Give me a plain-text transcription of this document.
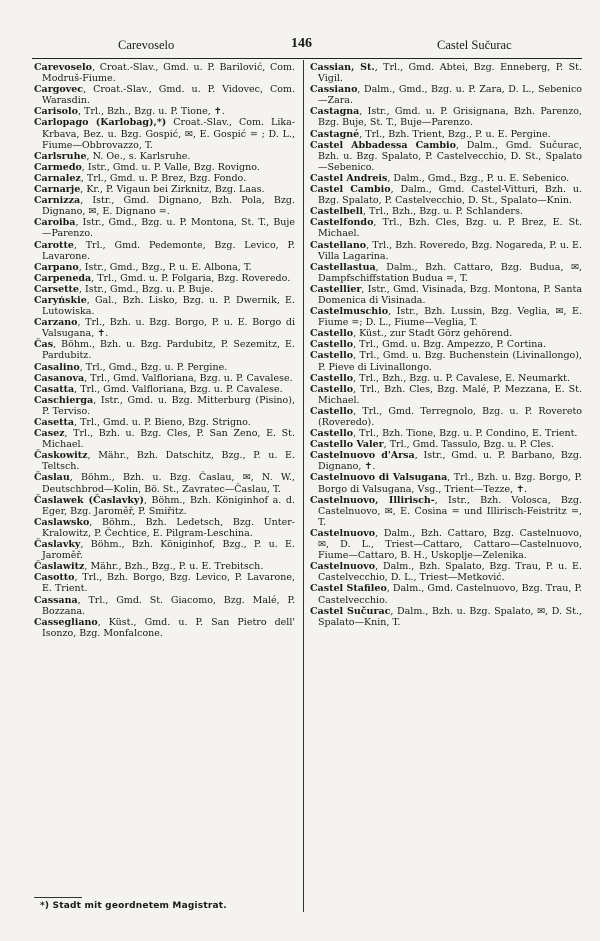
Carevoselo	146	Castel Sučurac
Carevoselo, Croat.-Slav., Gmd. u. P. Barilović, Com. Modruš-Fiume.
Cargovec, Croat.-Slav., Gmd. u. P. Vidovec, Com. Warasdin.
Carisolo, Trl., Bzh., Bzg. u. P. Tione, ✝.
Carlopago (Karlobag),*) Croat.-Slav., Com. Lika-Krbava, Bez. u. Bzg. Gospić, ✉, E. Gospić = ; D. L., Fiume—Obbrovazzo, T.
Carlsruhe, N. Oe., s. Karlsruhe.
Carmedo, Istr., Gmd. u. P. Valle, Bzg. Rovigno.
Carnalez, Trl., Gmd. u. P. Brez, Bzg. Fondo.
Carnarje, Kr., P. Vigaun bei Zirknitz, Bzg. Laas.
Carnizza, Istr., Gmd. Dignano, Bzh. Pola, Bzg. Dignano, ✉, E. Dignano =.
Caroiba, Istr., Gmd., Bzg. u. P. Montona, St. T., Buje—Parenzo.
Carotte, Trl., Gmd. Pedemonte, Bzg. Levico, P. Lavarone.
Carpano, Istr., Gmd., Bzg., P. u. E. Albona, T.
Carpeneda, Trl., Gmd. u. P. Folgaria, Bzg. Roveredo.
Carsette, Istr., Gmd., Bzg. u. P. Buje.
Caryńskie, Gal., Bzh. Lisko, Bzg. u. P. Dwernik, E. Lutowiska.
Carzano, Trl., Bzh. u. Bzg. Borgo, P. u. E. Borgo di Valsugana, ✝.
Čas, Böhm., Bzh. u. Bzg. Pardubitz, P. Sezemitz, E. Pardubitz.
Casalino, Trl., Gmd., Bzg. u. P. Pergine.
Casanova, Trl., Gmd. Valfloriana, Bzg. u. P. Cavalese.
Casatta, Trl., Gmd. Valfloriana, Bzg. u. P. Cavalese.
Caschierga, Istr., Gmd. u. Bzg. Mitterburg (Pisino), P. Terviso.
Casetta, Trl., Gmd. u. P. Bieno, Bzg. Strigno.
Casez, Trl., Bzh. u. Bzg. Cles, P. San Zeno, E. St. Michael.
Časkowitz, Mähr., Bzh. Datschitz, Bzg., P. u. E. Teltsch.
Časlau, Böhm., Bzh. u. Bzg. Časlau, ✉, N. W., Deutschbrod—Kolin, Bö. St., Zavratec—Časlau, T.
Časlawek (Časlavky), Böhm., Bzh. Königinhof a. d. Eger, Bzg. Jaroměř, P. Smiřitz.
Caslawsko, Böhm., Bzh. Ledetsch, Bzg. Unter-Kralowitz, P. Čechtice, E. Pilgram-Leschina.
Časlavky, Böhm., Bzh. Königinhof, Bzg., P. u. E. Jaroměř.
Časlawitz, Mähr., Bzh., Bzg., P. u. E. Trebitsch.
Casotto, Trl., Bzh. Borgo, Bzg. Levico, P. Lavarone, E. Trient.
Cassana, Trl., Gmd. St. Giacomo, Bzg. Malé, P. Bozzana.
Cassegliano, Küst., Gmd. u. P. San Pietro dell' Isonzo, Bzg. Monfalcone.
Cassian, St., Trl., Gmd. Abtei, Bzg. Enneberg, P. St. Vigil.
Cassiano, Dalm., Gmd., Bzg. u. P. Zara, D. L., Sebenico—Zara.
Castagna, Istr., Gmd. u. P. Grisignana, Bzh. Parenzo, Bzg. Buje, St. T., Buje—Parenzo.
Castagné, Trl., Bzh. Trient, Bzg., P. u. E. Pergine.
Castel Abbadessa Cambio, Dalm., Gmd. Sučurac, Bzh. u. Bzg. Spalato, P. Castelvecchio, D. St., Spalato—Sebenico.
Castel Andreis, Dalm., Gmd., Bzg., P. u. E. Sebenico.
Castel Cambio, Dalm., Gmd. Castel-Vitturi, Bzh. u. Bzg. Spalato, P. Castelvecchio, D. St., Spalato—Knin.
Castelbell, Trl., Bzh., Bzg. u. P. Schlanders.
Castelfondo, Trl., Bzh. Cles, Bzg. u. P. Brez, E. St. Michael.
Castellano, Trl., Bzh. Roveredo, Bzg. Nogareda, P. u. E. Villa Lagarina.
Castellastua, Dalm., Bzh. Cattaro, Bzg. Budua, ✉, Dampfschiffstation Budua =, T.
Castellier, Istr., Gmd. Visinada, Bzg. Montona, P. Santa Domenica di Visinada.
Castelmuschio, Istr., Bzh. Lussin, Bzg. Veglia, ✉, E. Fiume =; D. L., Fiume—Veglia, T.
Castello, Küst., zur Stadt Görz gehörend.
Castello, Trl., Gmd. u. Bzg. Ampezzo, P. Cortina.
Castello, Trl., Gmd. u. Bzg. Buchenstein (Livinallongo), P. Pieve di Livinallongo.
Castello, Trl., Bzh., Bzg. u. P. Cavalese, E. Neumarkt.
Castello, Trl., Bzh. Cles, Bzg. Malé, P. Mezzana, E. St. Michael.
Castello, Trl., Gmd. Terregnolo, Bzg. u. P. Rovereto (Roveredo).
Castello, Trl., Bzh. Tione, Bzg. u. P. Condino, E. Trient.
Castello Valer, Trl., Gmd. Tassulo, Bzg. u. P. Cles.
Castelnuovo d'Arsa, Istr., Gmd. u. P. Barbano, Bzg. Dignano, ✝.
Castelnuovo di Valsugana, Trl., Bzh. u. Bzg. Borgo, P. Borgo di Valsugana, Vsg., Trient—Tezze, ✝.
Castelnuovo, Illirisch-, Istr., Bzh. Volosca, Bzg. Castelnuovo, ✉, E. Cosina = und Illirisch-Feistritz =, T.
Castelnuovo, Dalm., Bzh. Cattaro, Bzg. Castelnuovo, ✉, D. L., Triest—Cattaro, Cattaro—Castelnuovo, Fiume—Cattaro, B. H., Uskoplje—Zelenika.
Castelnuovo, Dalm., Bzh. Spalato, Bzg. Trau, P. u. E. Castelvecchio, D. L., Triest—Metković.
Castel Stafileo, Dalm., Gmd. Castelnuovo, Bzg. Trau, P. Castelvecchio.
Castel Sučurac, Dalm., Bzh. u. Bzg. Spalato, ✉, D. St., Spalato—Knin, T.
*) Stadt mit geordnetem Magistrat.
